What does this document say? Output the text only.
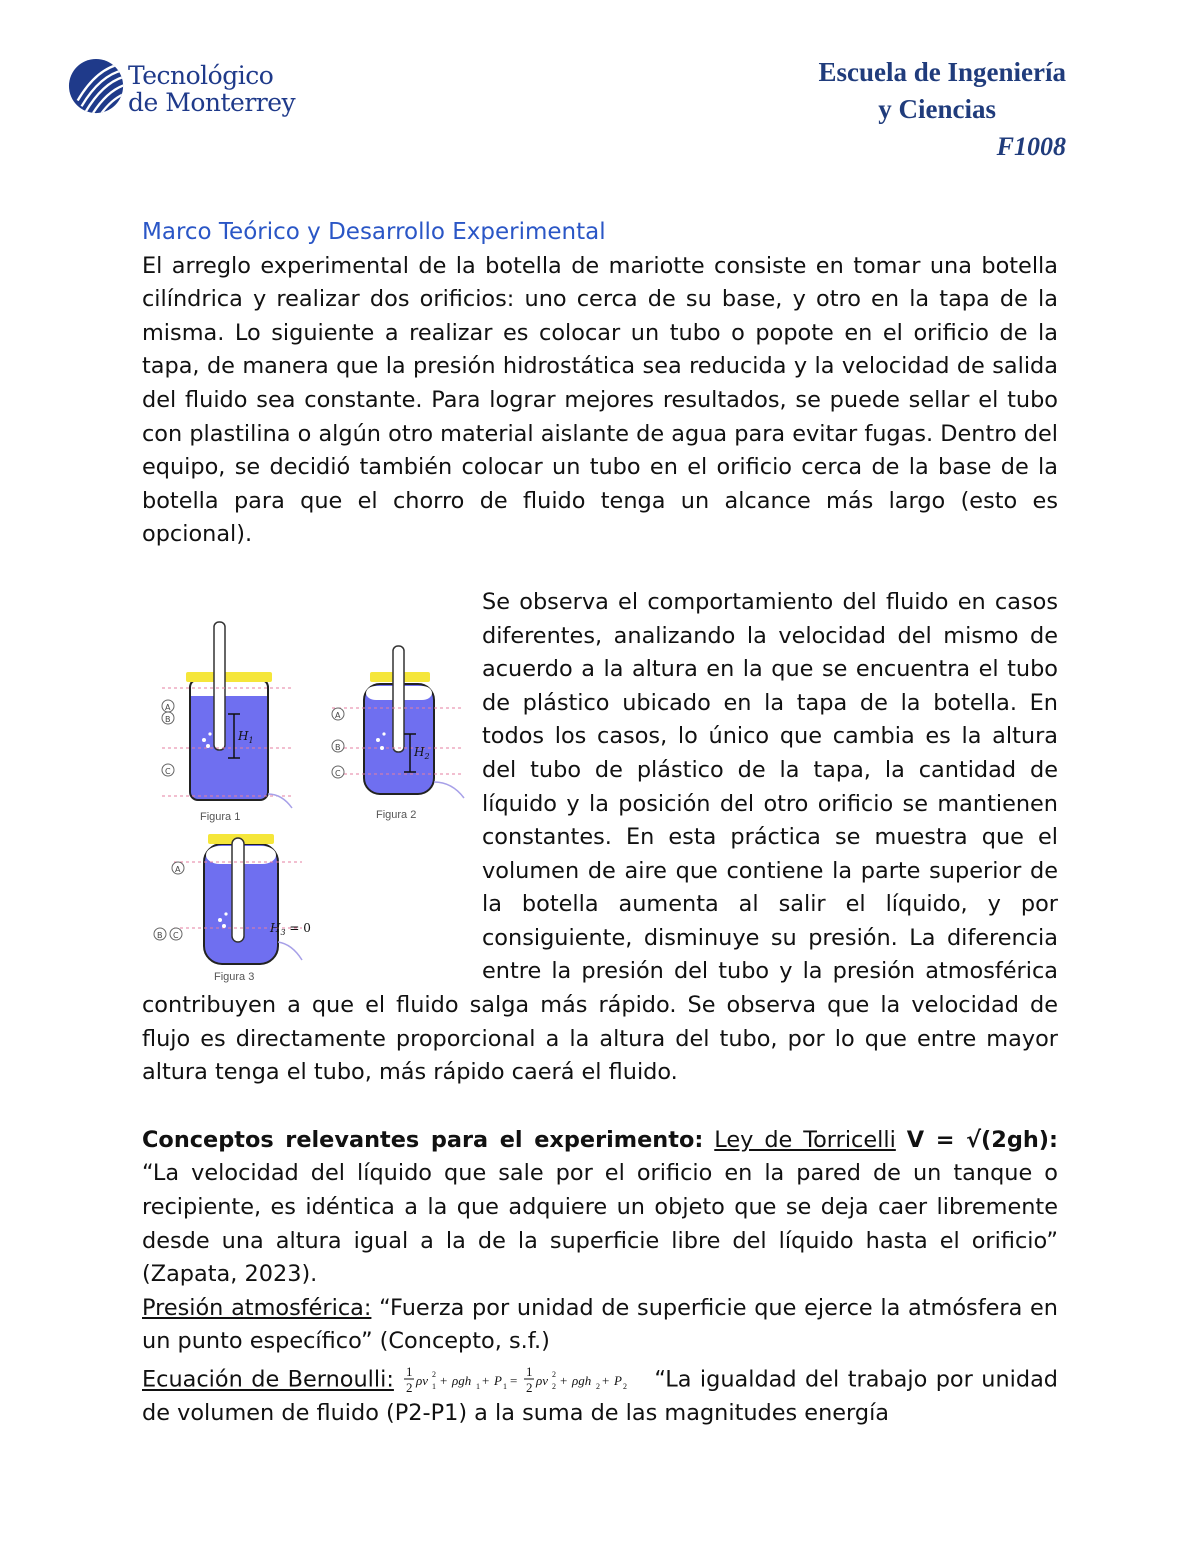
Tecnológico
de Monterrey
Escuela de Ingeniería
y Ciencias
F1008
Marco Teórico y Desarrollo Experimental

El arreglo experimental de la botella de mariotte consiste en tomar una botella cilíndrica y realizar dos orificios: uno cerca de su base, y otro en la tapa de la misma. Lo siguiente a realizar es colocar un tubo o popote en el orificio de la tapa, de manera que la presión hidrostática sea reducida y la velocidad de salida del fluido sea constante. Para lograr mejores resultados, se puede sellar el tubo con plastilina o algún otro material aislante de agua para evitar fugas. Dentro del equipo, se decidió también colocar un tubo en el orificio cerca de la base de la botella para que el chorro de fluido tenga un alcance más largo (esto es opcional).

$H_1$
A
B
C
Figura 1
$H_2$
A
B
C
Figura 2
$H_3 = 0$
A
B C
Figura 3
Se observa el comportamiento del fluido en casos diferentes, analizando la velocidad del mismo de acuerdo a la altura en la que se encuentra el tubo de plástico ubicado en la tapa de la botella. En todos los casos, lo único que cambia es la altura del tubo de plástico de la tapa, la cantidad de líquido y la posición del otro orificio se mantienen constantes. En esta práctica se muestra que el volumen de aire que contiene la parte superior de la botella aumenta al salir el líquido, y por consiguiente, disminuye su presión. La diferencia entre la presión del tubo y la presión atmosférica contribuyen a que el fluido salga más rápido. Se observa que la velocidad de flujo es directamente proporcional a la altura del tubo, por lo que entre mayor altura tenga el tubo, más rápido caerá el fluido.

Conceptos relevantes para el experimento: Ley de Torricelli V = √(2gh): “La velocidad del líquido que sale por el orificio en la pared de un tanque o recipiente, es idéntica a la que adquiere un objeto que se deja caer libremente desde una altura igual a la de la superficie libre del líquido hasta el orificio” (Zapata, 2023).

Presión atmosférica: “Fuerza por unidad de superficie que ejerce la atmósfera en un punto específico” (Concepto, s.f.)

Ecuación de Bernoulli: 1
2 ρv 1
2 + ρgh 1 + P 1 =
1
2 ρv 2
2 + ρgh 2 + P 2 “La igualdad del trabajo por unidad de volumen de fluido (P2-P1) a la suma de las magnitudes energía
